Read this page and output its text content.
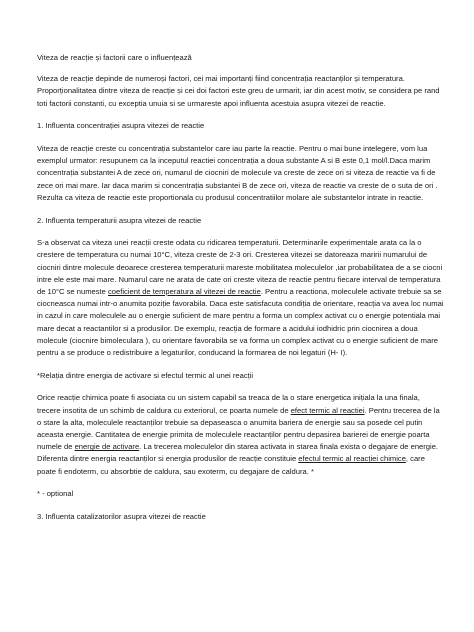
Viteza de reacție și factorii care o influențează

Viteza de reacție depinde de numeroși factori, cei mai importanți fiind concentrația reactanților și temperatura. Proporționalitatea dintre viteza de reacție și cei doi factori este greu de urmarit, iar din acest motiv, se considera pe rand toti factorii constanti, cu exceptia unuia si se urmareste apoi influenta acestuia asupra vitezei de reactie.

1. Influenta concentrației asupra vitezei de reactie

Viteza de reacție creste cu concentrația substantelor care iau parte la reactie. Pentru o mai bune intelegere, vom lua exemplul urmator: resupunem ca la inceputul reactiei concentrația a doua substante A si B este 0,1 mol/l.Daca marim concentrația substantei A de zece ori, numarul de ciocniri de molecule va creste de zece ori si viteza de reactie va fi de zece ori mai mare. Iar daca marim si concentrația substantei B de zece ori, viteza de reactie va creste de o suta de ori . Rezulta ca viteza de reactie este proportionala cu produsul concentratiilor molare ale substantelor intrate in reactie.

2. Influenta temperaturii asupra vitezei de reactie

S-a observat ca viteza unei reacții creste odata cu ridicarea temperaturii. Determinarile experimentale arata ca la o crestere de temperatura cu numai 10°C, viteza creste de 2-3 ori. Cresterea vitezei se datoreaza maririi numarului de ciocniri dintre molecule deoarece cresterea temperaturii mareste mobilitatea moleculelor ,iar probabilitatea de a se ciocni intre ele este mai mare. Numarul care ne arata de cate ori creste viteza de reactie pentru fiecare interval de temperatura de 10°C se numeste coeficient de temperatura al vitezei de reactie. Pentru a reactiona, moleculele activate trebuie sa se ciocneasca numai intr-o anumita poziție favorabila. Daca este satisfacuta condiția de orientare, reacția va avea loc numai in cazul in care moleculele au o energie suficient de mare pentru a forma un complex activat cu o energie potentiala mai mare decat a reactantilor si a produsilor. De exemplu, reacția de formare a acidului iodhidric prin ciocnirea a doua molecule (ciocnire bimoleculara ), cu orientare favorabila se va forma un complex activat cu o energie suficient de mare pentru a se produce o redistribuire a legaturilor, conducand la formarea de noi legaturi (H- I).

*Relația dintre energia de activare si efectul termic al unei reacții

Orice reacție chimica poate fi asociata cu un sistem capabil sa treaca de la o stare energetica inițiala la una finala, trecere insotita de un schimb de caldura cu exteriorul, ce poarta numele de efect termic al reactiei. Pentru trecerea de la o stare la alta, moleculele reactanților trebuie sa depaseasca o anumita bariera de energie sau sa posede cel putin aceasta energie. Cantitatea de energie primita de moleculele reactanților pentru depasirea barierei de energie poarta numele de energie de activare. La trecerea moleculelor din starea activata in starea finala exista o degajare de energie. Diferenta dintre energia reactanților si energia produsilor de reacție constituie efectul termic al reacției chimice, care poate fi endoterm, cu absorbtie de caldura, sau exoterm, cu degajare de caldura. *

* - optional

3. Influenta catalizatorilor asupra vitezei de reactie
